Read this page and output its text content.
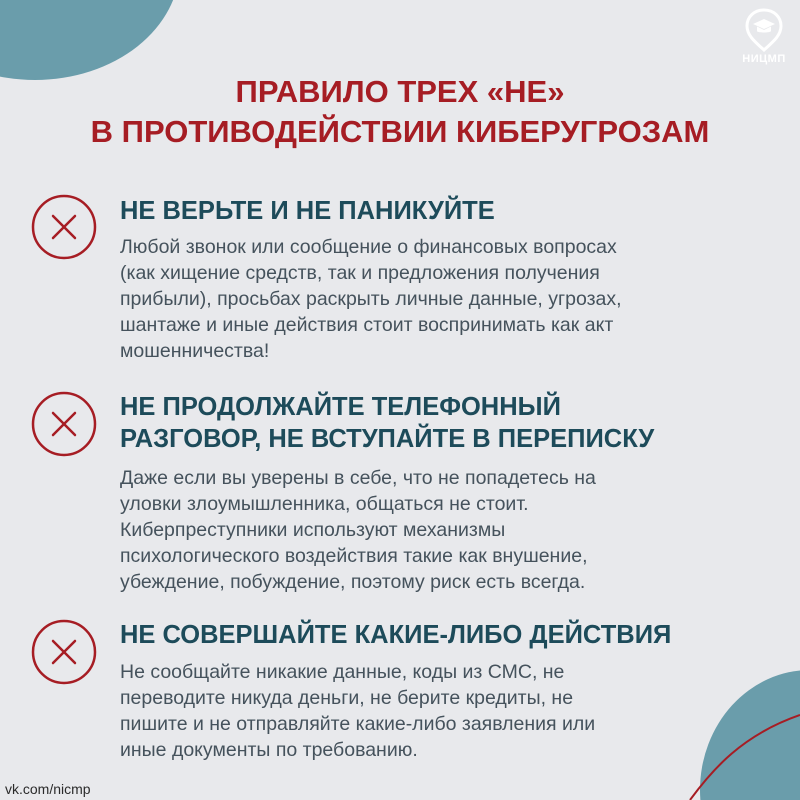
НИЦМП
ПРАВИЛО ТРЕХ «НЕ»
В ПРОТИВОДЕЙСТВИИ КИБЕРУГРОЗАМ
НЕ ВЕРЬТЕ И НЕ ПАНИКУЙТЕ

Любой звонок или сообщение о финансовых вопросах
(как хищение средств, так и предложения получения
прибыли), просьбах раскрыть личные данные, угрозах,
шантаже и иные действия стоит воспринимать как акт
мошенничества!

НЕ ПРОДОЛЖАЙТЕ ТЕЛЕФОННЫЙ
РАЗГОВОР, НЕ ВСТУПАЙТЕ В ПЕРЕПИСКУ

Даже если вы уверены в себе, что не попадетесь на
уловки злоумышленника, общаться не стоит.
Киберпреступники используют механизмы
психологического воздействия такие как внушение,
убеждение, побуждение, поэтому риск есть всегда.

НЕ СОВЕРШАЙТЕ КАКИЕ-ЛИБО ДЕЙСТВИЯ

Не сообщайте никакие данные, коды из СМС, не
переводите никуда деньги, не берите кредиты, не
пишите и не отправляйте какие-либо заявления или
иные документы по требованию.

vk.com/nicmp
